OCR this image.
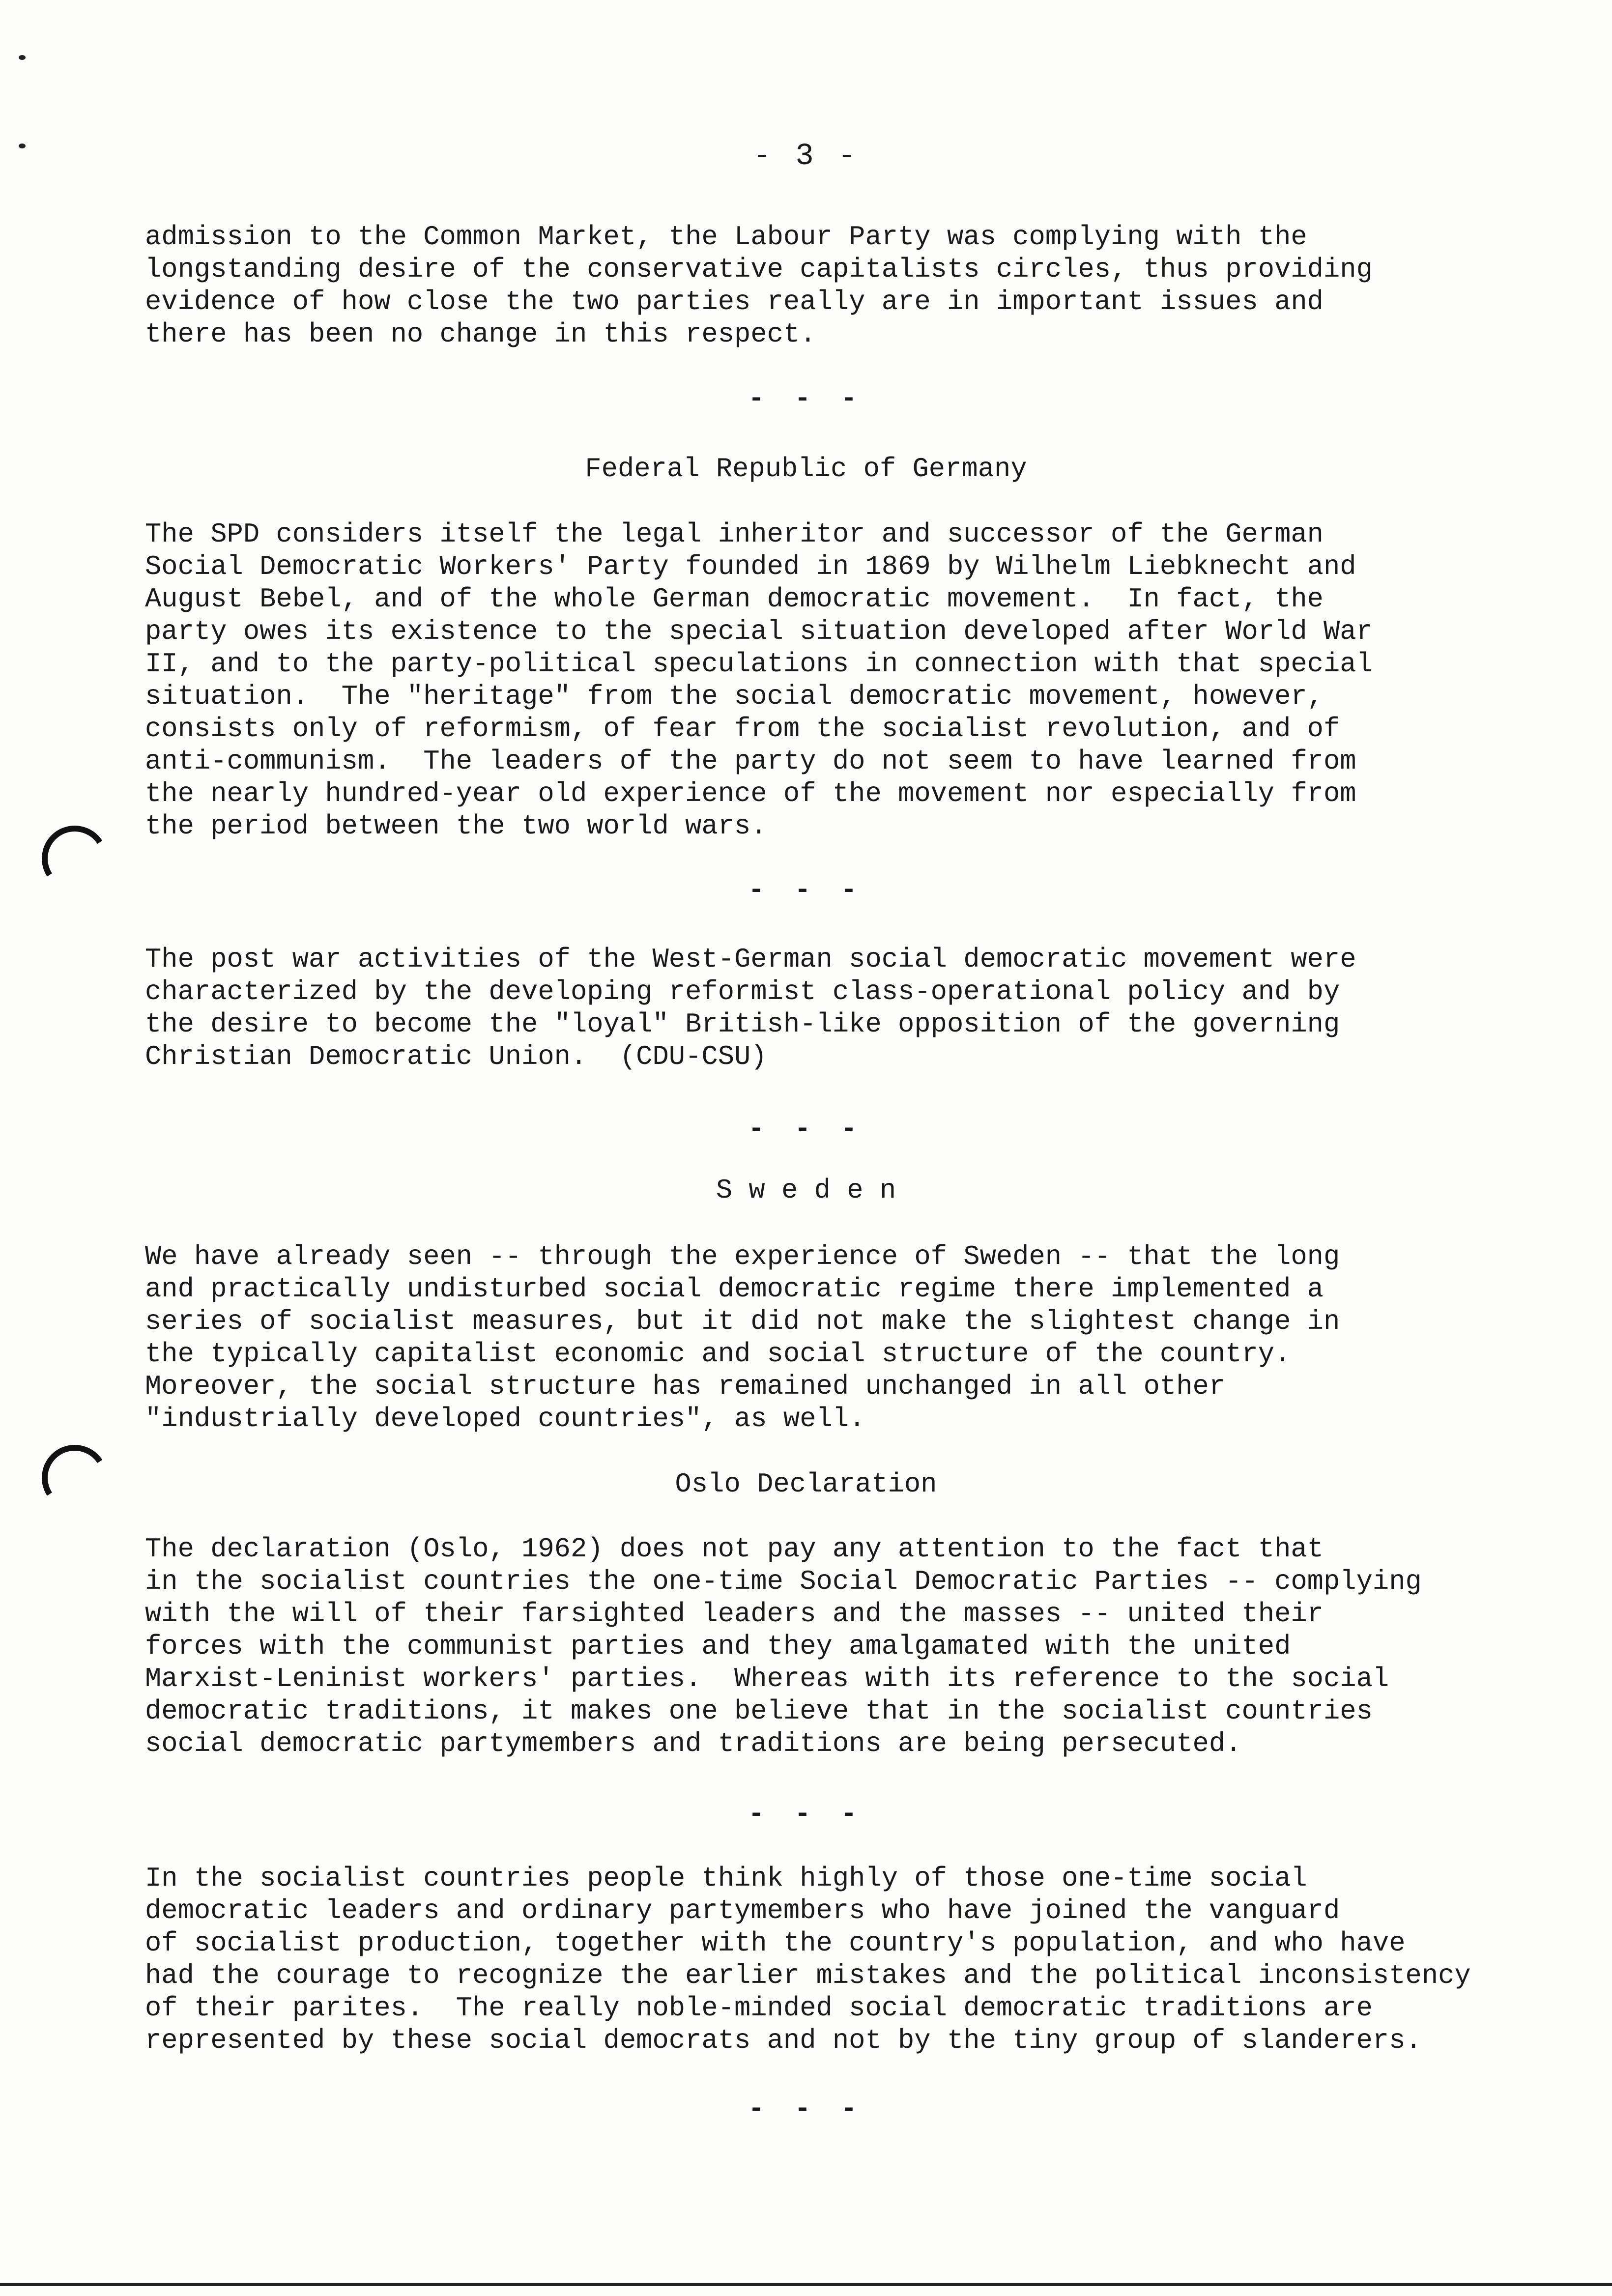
- 3 -

admission to the Common Market, the Labour Party was complying with the
longstanding desire of the conservative capitalists circles, thus providing
evidence of how close the two parties really are in important issues and
there has been no change in this respect.

- - -
Federal Republic of Germany

The SPD considers itself the legal inheritor and successor of the German
Social Democratic Workers' Party founded in 1869 by Wilhelm Liebknecht and
August Bebel, and of the whole German democratic movement.  In fact, the
party owes its existence to the special situation developed after World War
II, and to the party-political speculations in connection with that special
situation.  The "heritage" from the social democratic movement, however,
consists only of reformism, of fear from the socialist revolution, and of
anti-communism.  The leaders of the party do not seem to have learned from
the nearly hundred-year old experience of the movement nor especially from
the period between the two world wars.

- - -

The post war activities of the West-German social democratic movement were
characterized by the developing reformist class-operational policy and by
the desire to become the "loyal" British-like opposition of the governing
Christian Democratic Union.  (CDU-CSU)

- - -
S w e d e n

We have already seen -- through the experience of Sweden -- that the long
and practically undisturbed social democratic regime there implemented a
series of socialist measures, but it did not make the slightest change in
the typically capitalist economic and social structure of the country.
Moreover, the social structure has remained unchanged in all other
"industrially developed countries", as well.

Oslo Declaration

The declaration (Oslo, 1962) does not pay any attention to the fact that
in the socialist countries the one-time Social Democratic Parties -- complying
with the will of their farsighted leaders and the masses -- united their
forces with the communist parties and they amalgamated with the united
Marxist-Leninist workers' parties.  Whereas with its reference to the social
democratic traditions, it makes one believe that in the socialist countries
social democratic partymembers and traditions are being persecuted.

- - -

In the socialist countries people think highly of those one-time social
democratic leaders and ordinary partymembers who have joined the vanguard
of socialist production, together with the country's population, and who have
had the courage to recognize the earlier mistakes and the political inconsistency
of their parites.  The really noble-minded social democratic traditions are
represented by these social democrats and not by the tiny group of slanderers.

- - -
